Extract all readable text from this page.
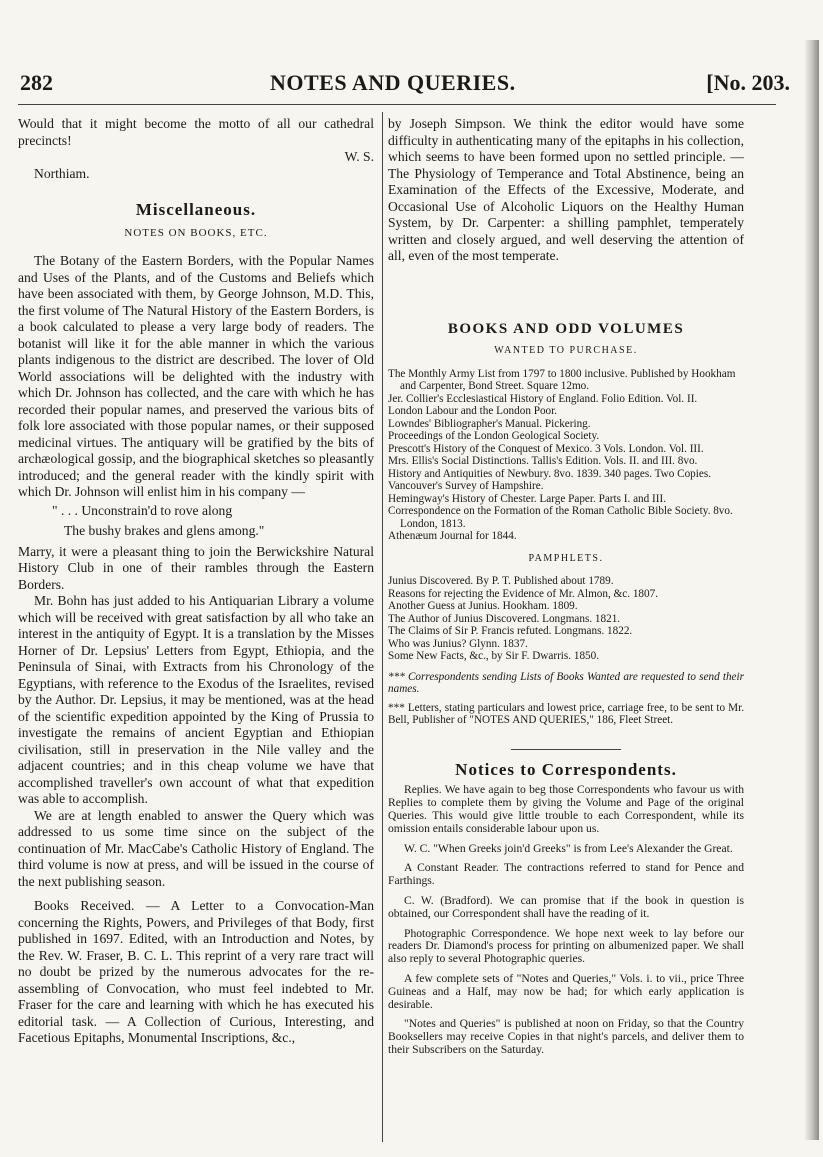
282	NOTES AND QUERIES.	[No. 203.

Would that it might become the motto of all our cathedral precincts!

W. S.

Northiam.

Miscellaneous.
NOTES ON BOOKS, ETC.

The Botany of the Eastern Borders, with the Popular Names and Uses of the Plants, and of the Customs and Beliefs which have been associated with them, by George Johnson, M.D. This, the first volume of The Natural History of the Eastern Borders, is a book calculated to please a very large body of readers. The botanist will like it for the able manner in which the various plants indigenous to the district are described. The lover of Old World associations will be delighted with the industry with which Dr. Johnson has collected, and the care with which he has recorded their popular names, and preserved the various bits of folk lore associated with those popular names, or their supposed medicinal virtues. The antiquary will be gratified by the bits of archæological gossip, and the biographical sketches so pleasantly introduced; and the general reader with the kindly spirit with which Dr. Johnson will enlist him in his company —

" . . . Unconstrain'd to rove along

The bushy brakes and glens among."

Marry, it were a pleasant thing to join the Berwickshire Natural History Club in one of their rambles through the Eastern Borders.

Mr. Bohn has just added to his Antiquarian Library a volume which will be received with great satisfaction by all who take an interest in the antiquity of Egypt. It is a translation by the Misses Horner of Dr. Lepsius' Letters from Egypt, Ethiopia, and the Peninsula of Sinai, with Extracts from his Chronology of the Egyptians, with reference to the Exodus of the Israelites, revised by the Author. Dr. Lepsius, it may be mentioned, was at the head of the scientific expedition appointed by the King of Prussia to investigate the remains of ancient Egyptian and Ethiopian civilisation, still in preservation in the Nile valley and the adjacent countries; and in this cheap volume we have that accomplished traveller's own account of what that expedition was able to accomplish.

We are at length enabled to answer the Query which was addressed to us some time since on the subject of the continuation of Mr. MacCabe's Catholic History of England. The third volume is now at press, and will be issued in the course of the next publishing season.

Books Received. — A Letter to a Convocation-Man concerning the Rights, Powers, and Privileges of that Body, first published in 1697. Edited, with an Introduction and Notes, by the Rev. W. Fraser, B. C. L. This reprint of a very rare tract will no doubt be prized by the numerous advocates for the re-assembling of Convocation, who must feel indebted to Mr. Fraser for the care and learning with which he has executed his editorial task. — A Collection of Curious, Interesting, and Facetious Epitaphs, Monumental Inscriptions, &c.,

by Joseph Simpson. We think the editor would have some difficulty in authenticating many of the epitaphs in his collection, which seems to have been formed upon no settled principle. — The Physiology of Temperance and Total Abstinence, being an Examination of the Effects of the Excessive, Moderate, and Occasional Use of Alcoholic Liquors on the Healthy Human System, by Dr. Carpenter: a shilling pamphlet, temperately written and closely argued, and well deserving the attention of all, even of the most temperate.

BOOKS AND ODD VOLUMES
WANTED TO PURCHASE.
The Monthly Army List from 1797 to 1800 inclusive. Published by Hookham and Carpenter, Bond Street. Square 12mo.
Jer. Collier's Ecclesiastical History of England. Folio Edition. Vol. II.
London Labour and the London Poor.
Lowndes' Bibliographer's Manual. Pickering.
Proceedings of the London Geological Society.
Prescott's History of the Conquest of Mexico. 3 Vols. London. Vol. III.
Mrs. Ellis's Social Distinctions. Tallis's Edition. Vols. II. and III. 8vo.
History and Antiquities of Newbury. 8vo. 1839. 340 pages. Two Copies.
Vancouver's Survey of Hampshire.
Hemingway's History of Chester. Large Paper. Parts I. and III.
Correspondence on the Formation of the Roman Catholic Bible Society. 8vo. London, 1813.
Athenæum Journal for 1844.
PAMPHLETS.
Junius Discovered. By P. T. Published about 1789.
Reasons for rejecting the Evidence of Mr. Almon, &c. 1807.
Another Guess at Junius. Hookham. 1809.
The Author of Junius Discovered. Longmans. 1821.
The Claims of Sir P. Francis refuted. Longmans. 1822.
Who was Junius? Glynn. 1837.
Some New Facts, &c., by Sir F. Dwarris. 1850.

*** Correspondents sending Lists of Books Wanted are requested to send their names.

*** Letters, stating particulars and lowest price, carriage free, to be sent to Mr. Bell, Publisher of "NOTES AND QUERIES," 186, Fleet Street.

Notices to Correspondents.

Replies. We have again to beg those Correspondents who favour us with Replies to complete them by giving the Volume and Page of the original Queries. This would give little trouble to each Correspondent, while its omission entails considerable labour upon us.

W. C. "When Greeks join'd Greeks" is from Lee's Alexander the Great.

A Constant Reader. The contractions referred to stand for Pence and Farthings.

C. W. (Bradford). We can promise that if the book in question is obtained, our Correspondent shall have the reading of it.

Photographic Correspondence. We hope next week to lay before our readers Dr. Diamond's process for printing on albumenized paper. We shall also reply to several Photographic queries.

A few complete sets of "Notes and Queries," Vols. i. to vii., price Three Guineas and a Half, may now be had; for which early application is desirable.

"Notes and Queries" is published at noon on Friday, so that the Country Booksellers may receive Copies in that night's parcels, and deliver them to their Subscribers on the Saturday.
